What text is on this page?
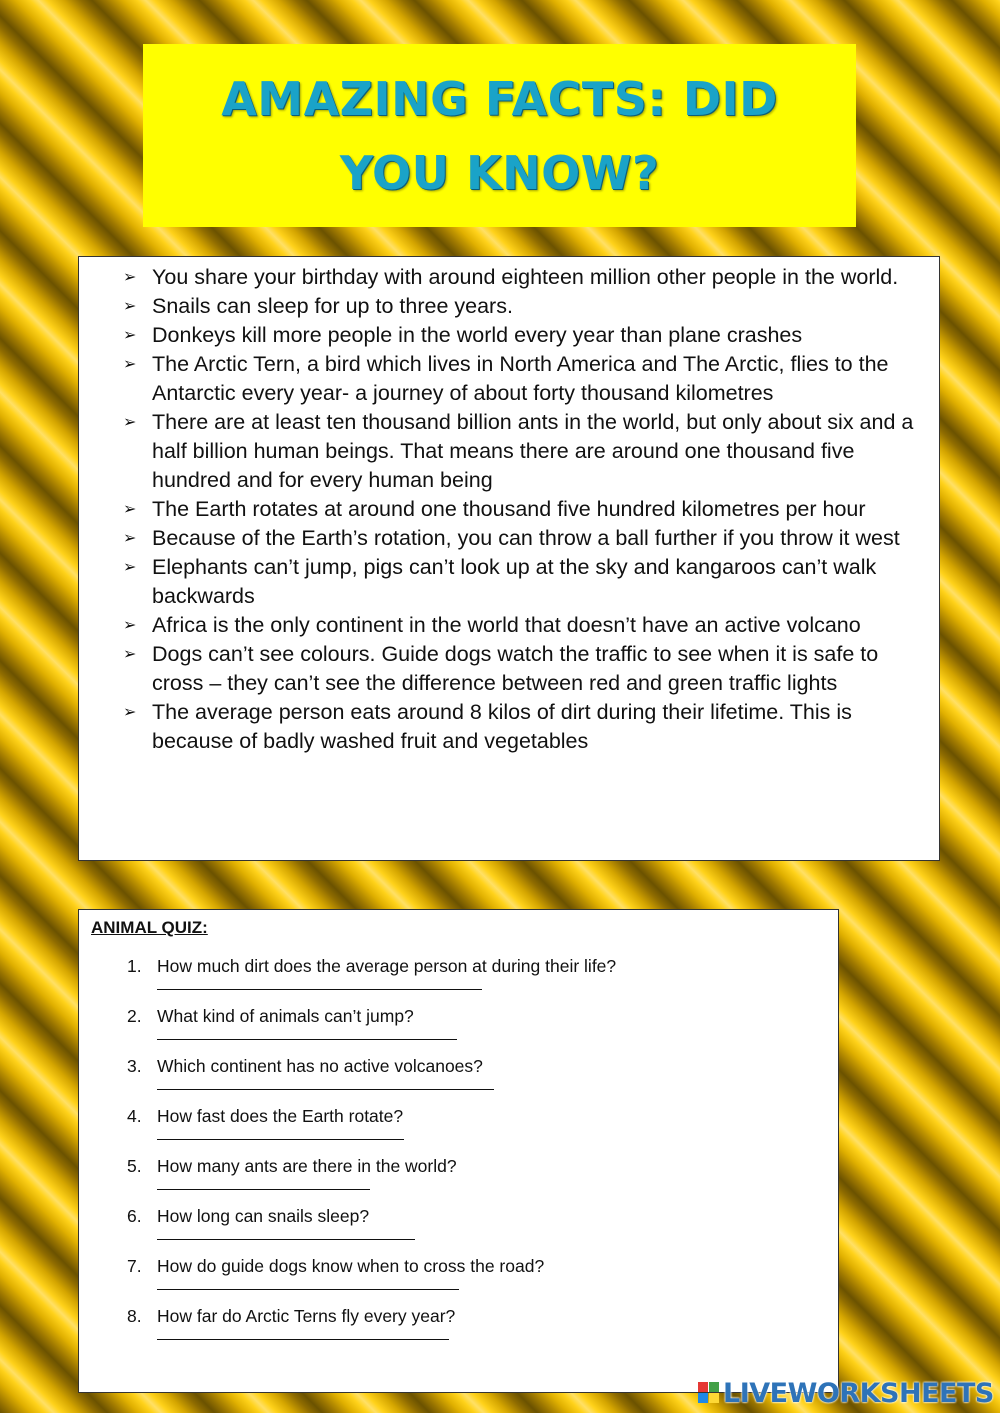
AMAZING FACTS: DID YOU KNOW?
➢ You share your birthday with around eighteen million other people in the world.
➢ Snails can sleep for up to three years.
➢ Donkeys kill more people in the world every year than plane crashes
➢ The Arctic Tern, a bird which lives in North America and The Arctic, flies to the Antarctic every year- a journey of about forty thousand kilometres
➢ There are at least ten thousand billion ants in the world, but only about six and a half billion human beings. That means there are around one thousand five hundred and for every human being
➢ The Earth rotates at around one thousand five hundred kilometres per hour
➢ Because of the Earth’s rotation, you can throw a ball further if you throw it west
➢ Elephants can’t jump, pigs can’t look up at the sky and kangaroos can’t walk backwards
➢ Africa is the only continent in the world that doesn’t have an active volcano
➢ Dogs can’t see colours. Guide dogs watch the traffic to see when it is safe to cross – they can’t see the difference between red and green traffic lights
➢ The average person eats around 8 kilos of dirt during their lifetime. This is because of badly washed fruit and vegetables
ANIMAL QUIZ:
1. How much dirt does the average person at during their life?
2. What kind of animals can’t jump?
3. Which continent has no active volcanoes?
4. How fast does the Earth rotate?
5. How many ants are there in the world?
6. How long can snails sleep?
7. How do guide dogs know when to cross the road?
8. How far do Arctic Terns fly every year?
LIVEWORKSHEETS
